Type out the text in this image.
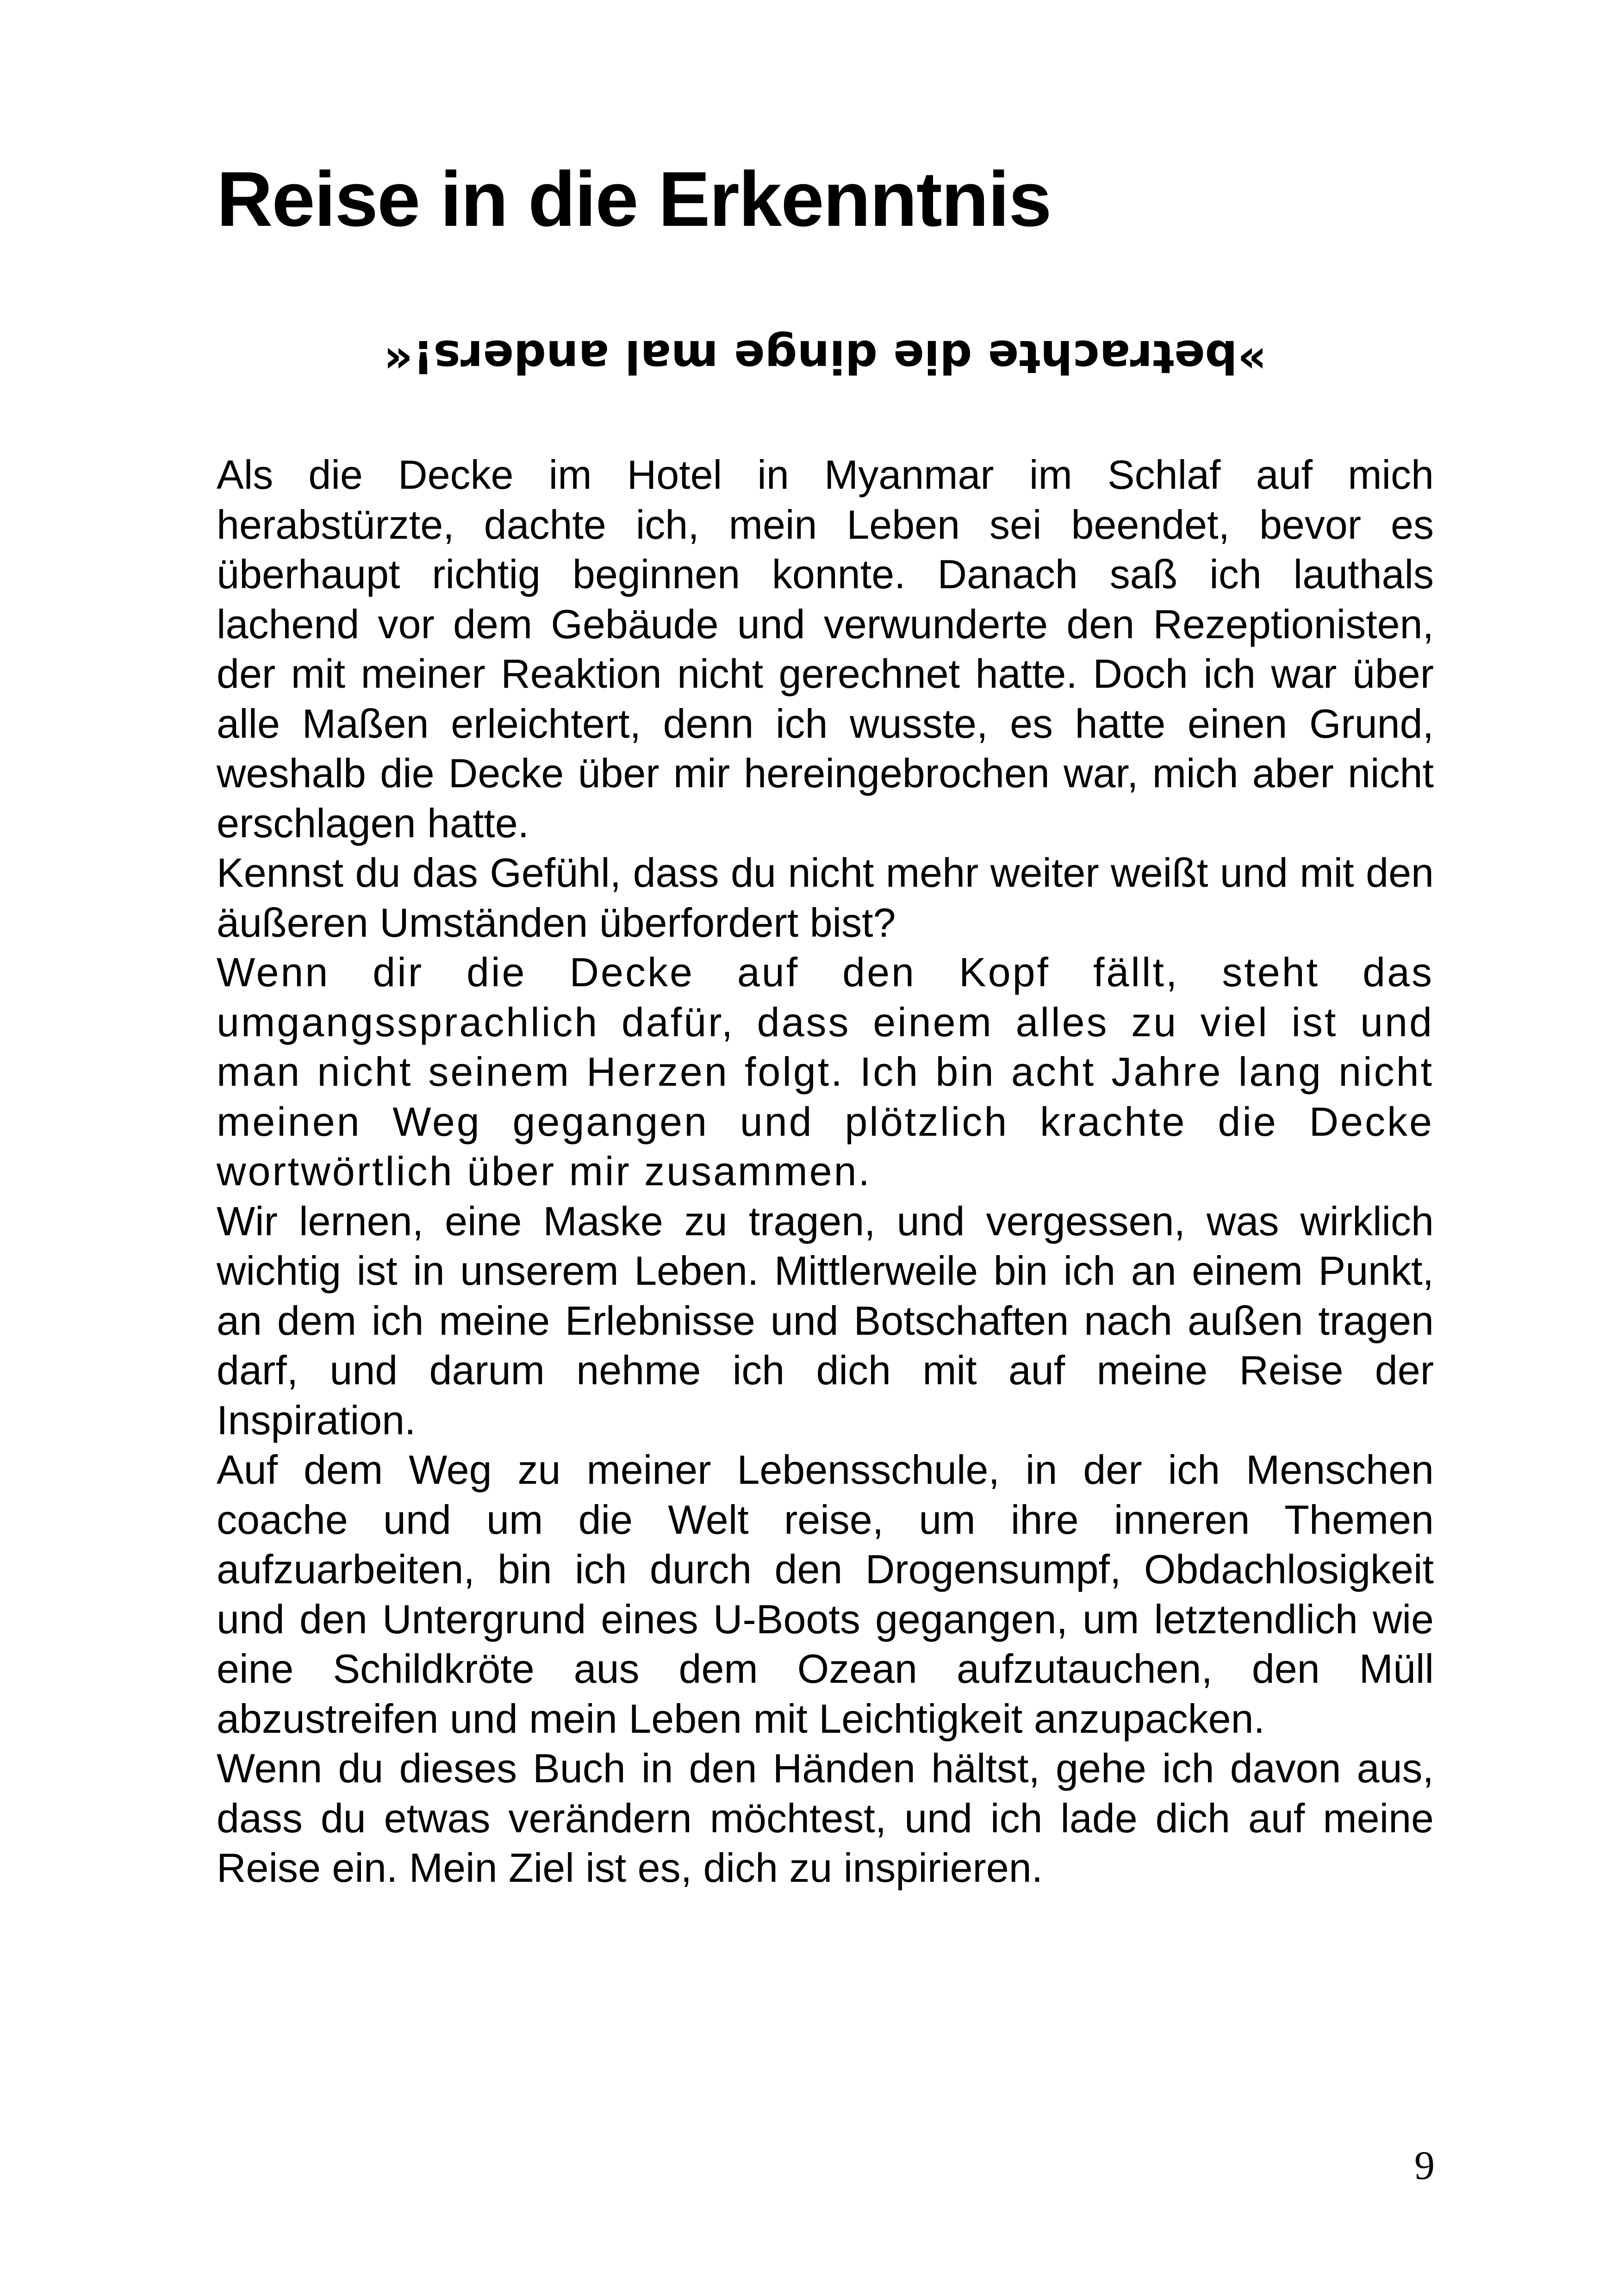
Reise in die Erkenntnis
»betrachte die dinge mal anders!«

Als die Decke im Hotel in Myanmar im Schlaf auf mich herabstürzte, dachte ich, mein Leben sei beendet, bevor es überhaupt richtig beginnen konnte. Danach saß ich lauthals lachend vor dem Gebäude und verwunderte den Rezeptionisten, der mit meiner Reaktion nicht gerechnet hatte. Doch ich war über alle Maßen erleichtert, denn ich wusste, es hatte einen Grund, weshalb die Decke über mir hereingebrochen war, mich aber nicht erschlagen hatte.

Kennst du das Gefühl, dass du nicht mehr weiter weißt und mit den äußeren Umständen überfordert bist?

Wenn dir die Decke auf den Kopf fällt, steht das umgangssprachlich dafür, dass einem alles zu viel ist und man nicht seinem Herzen folgt. Ich bin acht Jahre lang nicht meinen Weg gegangen und plötzlich krachte die Decke wortwörtlich über mir zusammen.

Wir lernen, eine Maske zu tragen, und vergessen, was wirklich wichtig ist in unserem Leben. Mittlerweile bin ich an einem Punkt, an dem ich meine Erlebnisse und Botschaften nach außen tragen darf, und darum nehme ich dich mit auf meine Reise der Inspiration.

Auf dem Weg zu meiner Lebensschule, in der ich Menschen coache und um die Welt reise, um ihre inneren Themen aufzuarbeiten, bin ich durch den Drogensumpf, Obdachlosigkeit und den Untergrund eines U-Boots gegangen, um letztendlich wie eine Schildkröte aus dem Ozean aufzutauchen, den Müll abzustreifen und mein Leben mit Leichtigkeit anzupacken.

Wenn du dieses Buch in den Händen hältst, gehe ich davon aus, dass du etwas verändern möchtest, und ich lade dich auf meine Reise ein. Mein Ziel ist es, dich zu inspirieren.

9
